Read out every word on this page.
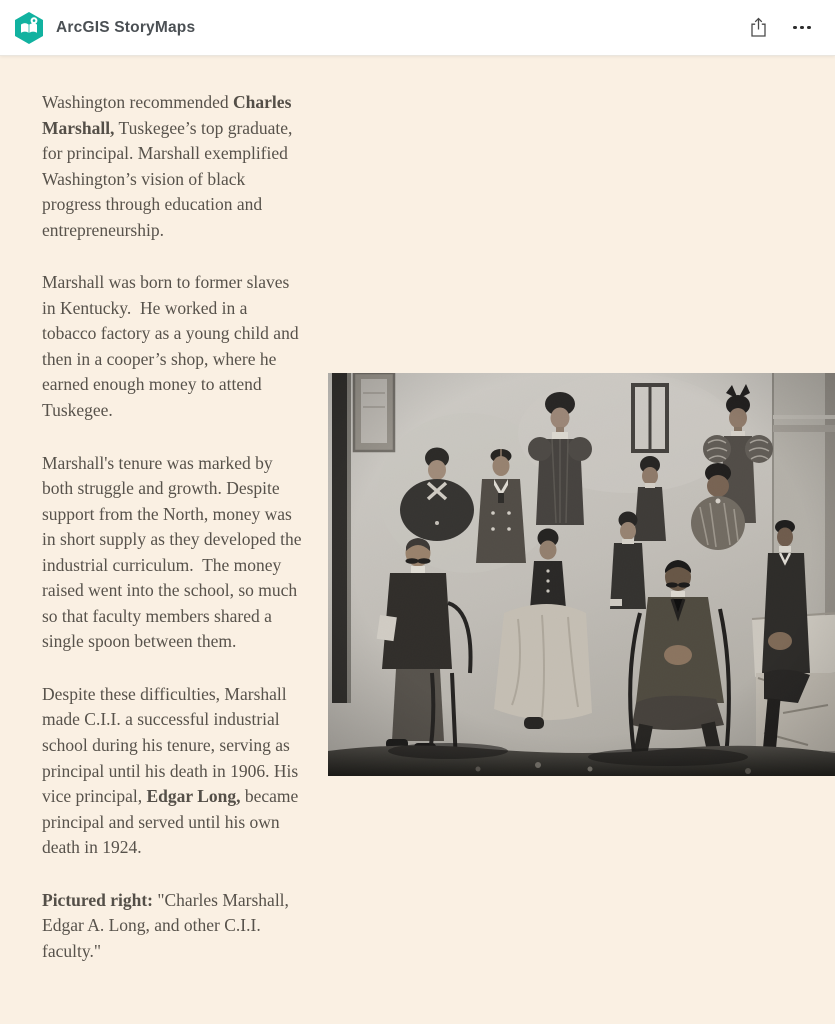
ArcGIS StoryMaps

Washington recommended Charles Marshall, Tuskegee’s top graduate, for principal. Marshall exemplified Washington’s vision of black progress through education and entrepreneurship.

Marshall was born to former slaves in Kentucky.  He worked in a tobacco factory as a young child and then in a cooper’s shop, where he earned enough money to attend Tuskegee.

Marshall's tenure was marked by both struggle and growth. Despite support from the North, money was in short supply as they developed the industrial curriculum.  The money raised went into the school, so much so that faculty members shared a single spoon between them.

Despite these difficulties, Marshall made C.I.I. a successful industrial school during his tenure, serving as principal until his death in 1906. His vice principal, Edgar Long, became principal and served until his own death in 1924.

Pictured right: "Charles Marshall, Edgar A. Long, and other C.I.I. faculty."
